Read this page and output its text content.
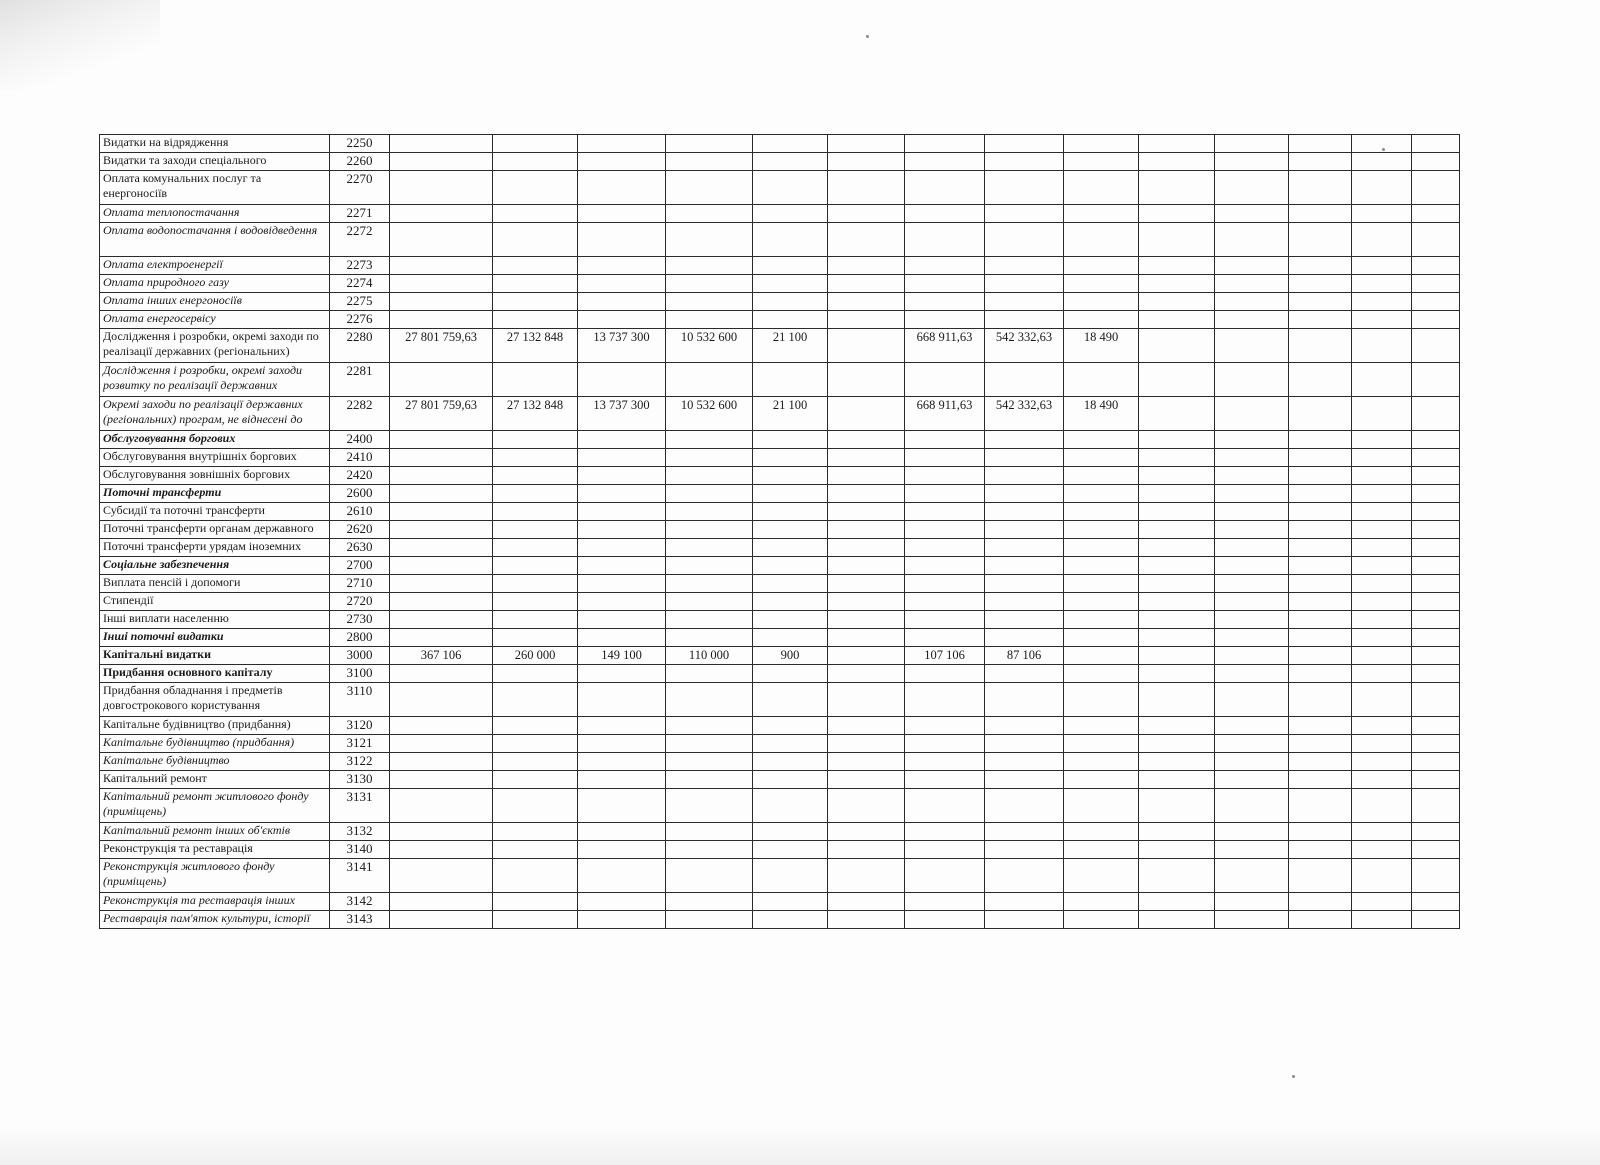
Видатки на відрядження	2250														
Видатки та заходи спеціального	2260														
Оплата комунальних послуг та енергоносіїв	2270														
Оплата теплопостачання	2271														
Оплата водопостачання і водовідведення	2272														
Оплата електроенергії	2273														
Оплата природного газу	2274														
Оплата інших енергоносіїв	2275														
Оплата енергосервісу	2276														
Дослідження і розробки, окремі заходи по реалізації державних (регіональних)	2280	27 801 759,63	27 132 848	13 737 300	10 532 600	21 100		668 911,63	542 332,63	18 490					
Дослідження і розробки, окремі заходи розвитку по реалізації державних	2281														
Окремі заходи по реалізації державних (регіональних) програм, не віднесені до	2282	27 801 759,63	27 132 848	13 737 300	10 532 600	21 100		668 911,63	542 332,63	18 490					
Обслуговування боргових	2400														
Обслуговування внутрішніх боргових	2410														
Обслуговування зовнішніх боргових	2420														
Поточні трансферти	2600														
Субсидії та поточні трансферти	2610														
Поточні трансферти органам державного	2620														
Поточні трансферти урядам іноземних	2630														
Соціальне забезпечення	2700														
Виплата пенсій і допомоги	2710														
Стипендії	2720														
Інші виплати населенню	2730														
Інші поточні видатки	2800														
Капітальні видатки	3000	367 106	260 000	149 100	110 000	900		107 106	87 106						
Придбання основного капіталу	3100														
Придбання обладнання і предметів довгострокового користування	3110														
Капітальне будівництво (придбання)	3120														
Капітальне будівництво (придбання)	3121														
Капітальне будівництво	3122														
Капітальний ремонт	3130														
Капітальний ремонт житлового фонду (приміщень)	3131														
Капітальний ремонт інших об'єктів	3132														
Реконструкція та реставрація	3140														
Реконструкція житлового фонду (приміщень)	3141														
Реконструкція та реставрація інших	3142														
Реставрація пам'яток культури, історії	3143														
